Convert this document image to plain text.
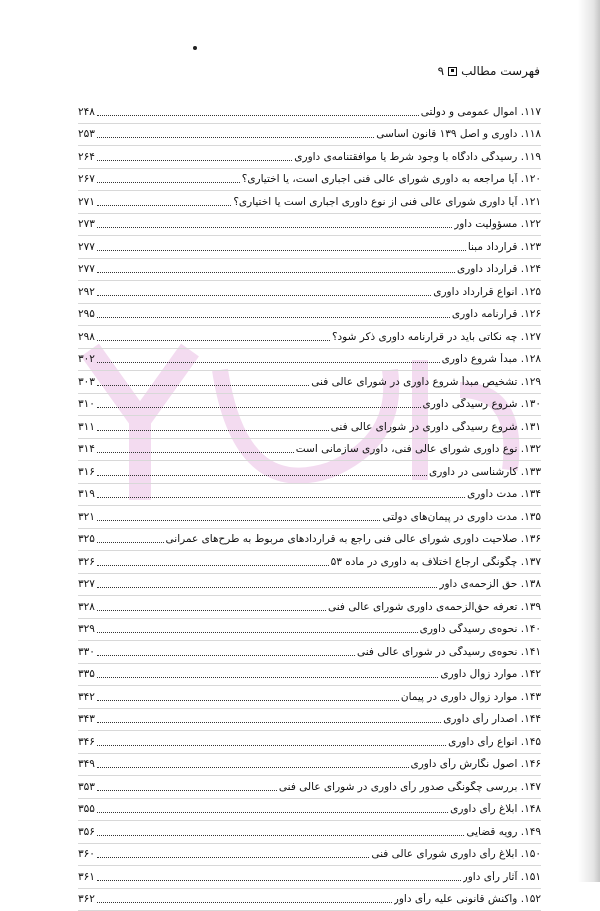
فهرست مطالب
۹
۱۱۷. اموال عمومی و دولتی
۲۴۸
۱۱۸. داوری و اصل ۱۳۹ قانون اساسی
۲۵۳
۱۱۹. رسیدگی دادگاه با وجود شرط یا موافقتنامه‌ی داوری
۲۶۴
۱۲۰. آیا مراجعه به داوری شورای عالی فنی اجباری است، یا اختیاری؟
۲۶۷
۱۲۱. آیا داوری شورای عالی فنی از نوع داوری اجباری است یا اختیاری؟
۲۷۱
۱۲۲. مسؤولیت داور
۲۷۳
۱۲۳. قرارداد مبنا
۲۷۷
۱۲۴. قرارداد داوری
۲۷۷
۱۲۵. انواع قرارداد داوری
۲۹۲
۱۲۶. قرارنامه داوری
۲۹۵
۱۲۷. چه نکاتی باید در قرارنامه داوری ذکر شود؟
۲۹۸
۱۲۸. مبدأ شروع داوری
۳۰۲
۱۲۹. تشخیص مبدأ شروع داوری در شورای عالی فنی
۳۰۳
۱۳۰. شروع رسیدگی داوری
۳۱۰
۱۳۱. شروع رسیدگی داوری در شورای عالی فنی
۳۱۱
۱۳۲. نوع داوری شورای عالی فنی، داوری سازمانی است
۳۱۴
۱۳۳. کارشناسی در داوری
۳۱۶
۱۳۴. مدت داوری
۳۱۹
۱۳۵. مدت داوری در پیمان‌های دولتی
۳۲۱
۱۳۶. صلاحیت داوری شورای عالی فنی راجع به قراردادهای مربوط به طرح‌های عمرانی
۳۲۵
۱۳۷. چگونگی ارجاع اختلاف به داوری در ماده ۵۳
۳۲۶
۱۳۸. حق الزحمه‌ی داور
۳۲۷
۱۳۹. تعرفه حق‌الزحمه‌ی داوری شورای عالی فنی
۳۲۸
۱۴۰. نحوه‌ی رسیدگی داوری
۳۲۹
۱۴۱. نحوه‌ی رسیدگی در شورای عالی فنی
۳۳۰
۱۴۲. موارد زوال داوری
۳۳۵
۱۴۳. موارد زوال داوری در پیمان
۳۴۲
۱۴۴. اصدار رأی داوری
۳۴۳
۱۴۵. انواع رأی داوری
۳۴۶
۱۴۶. اصول نگارش رأی داوری
۳۴۹
۱۴۷. بررسی چگونگی صدور رأی داوری در شورای عالی فنی
۳۵۳
۱۴۸. ابلاغ رأی داوری
۳۵۵
۱۴۹. رویه قضایی
۳۵۶
۱۵۰. ابلاغ رأی داوری شورای عالی فنی
۳۶۰
۱۵۱. آثار رأی داور
۳۶۱
۱۵۲. واکنش قانونی علیه رأی داور
۳۶۲
